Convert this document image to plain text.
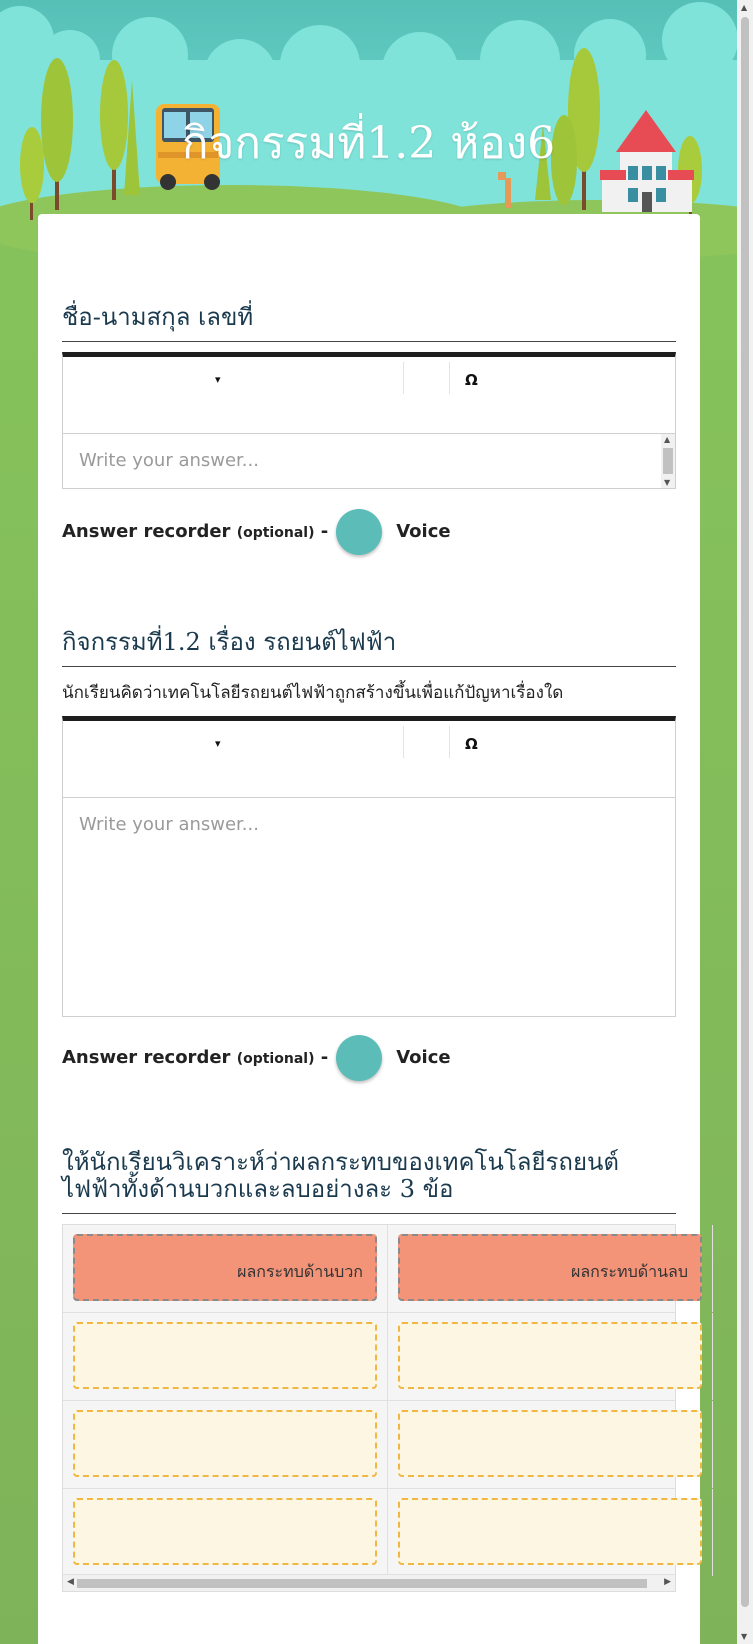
กิจกรรมที่1.2 ห้อง6
ชื่อ-นามสกุล เลขที่
▾	Ω
Write your answer...
▲
▼
Answer recorder (optional) -	Voice
กิจกรรมที่1.2 เรื่อง รถยนต์ไฟฟ้า
นักเรียนคิดว่าเทคโนโลยีรถยนต์ไฟฟ้าถูกสร้างขึ้นเพื่อแก้ปัญหาเรื่องใด
▾	Ω
Write your answer...
Answer recorder (optional) -	Voice
ให้นักเรียนวิเคราะห์ว่าผลกระทบของเทคโนโลยีรถยนต์ไฟฟ้าทั้งด้านบวกและลบอย่างละ 3 ข้อ
ผลกระทบด้านบวก	ผลกระทบด้านลบ
◀	▶
▲
▼
